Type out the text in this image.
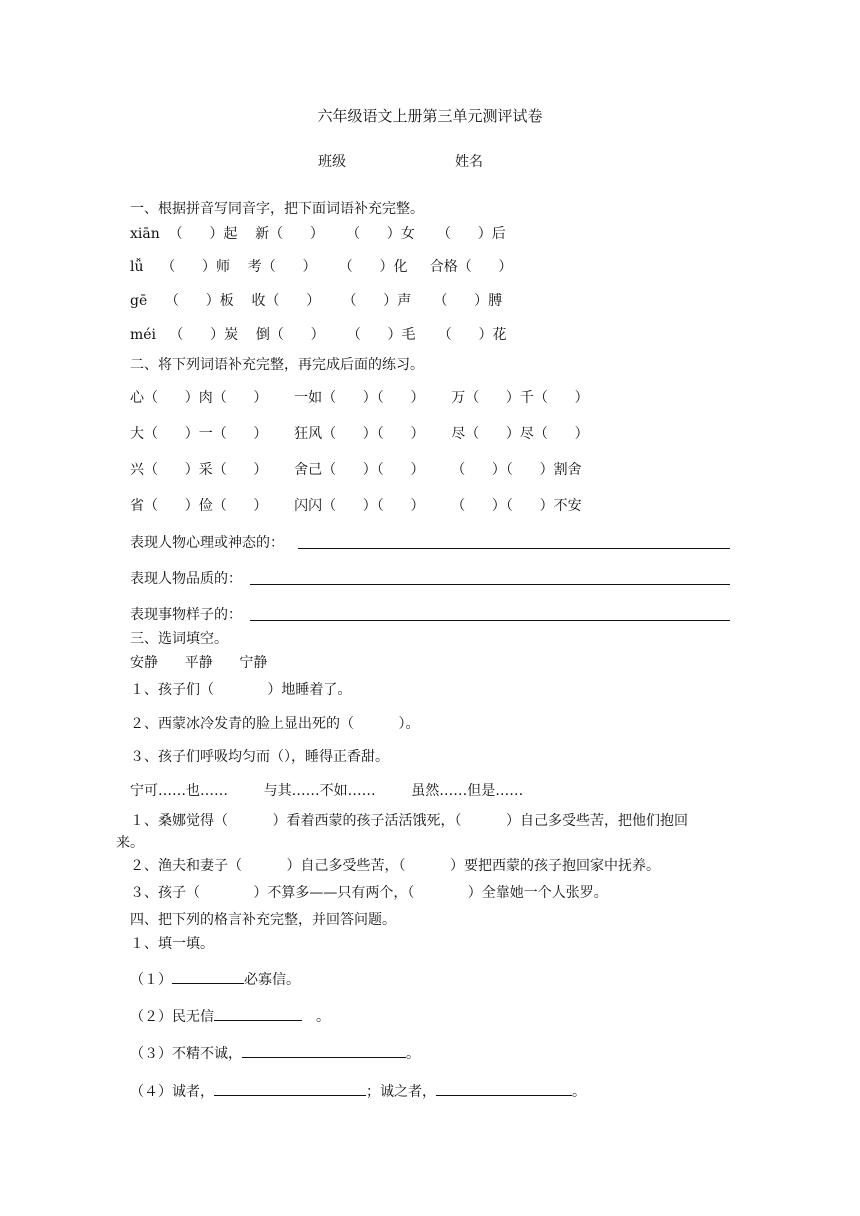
六年级语文上册第三单元测评试卷
班级	姓名
一、根据拼音写同音字，把下面词语补充完整。
xiān  （      ）起    新（      ）     （      ）女     （      ）后
lǚ    （      ）师    考（      ）     （      ）化     合格（      ）
gē    （      ）板    收（      ）     （      ）声     （      ）膊
méi   （      ）炭    倒（      ）     （      ）毛     （      ）花
二、将下列词语补充完整，再完成后面的练习。
心（      ）肉（      ）      一如（      ）（      ）      万（      ）千（      ）
大（      ）一（      ）      狂风（      ）（      ）      尽（      ）尽（      ）
兴（      ）采（      ）      舍己（      ）（      ）      （      ）（      ）割舍
省（      ）俭（      ）      闪闪（      ）（      ）      （      ）（      ）不安
表现人物心理或神态的：
表现人物品质的：
表现事物样子的：
三、选词填空。
安静      平静      宁静
１、孩子们（            ）地睡着了。
２、西蒙冰冷发青的脸上显出死的（          ）。
３、孩子们呼吸均匀而（），睡得正香甜。
宁可……也……        与其……不如……        虽然……但是……
１、桑娜觉得（          ）看着西蒙的孩子活活饿死，（          ）自己多受些苦，把他们抱回
来。
２、渔夫和妻子（          ）自己多受些苦，（          ）要把西蒙的孩子抱回家中抚养。
３、孩子（            ）不算多——只有两个，（            ）全靠她一个人张罗。
四、把下列的格言补充完整，并回答问题。
１、填一填。
（１）	必寡信。
（２）民无信	。
（３）不精不诚，	。
（４）诚者，	；诚之者，	。
